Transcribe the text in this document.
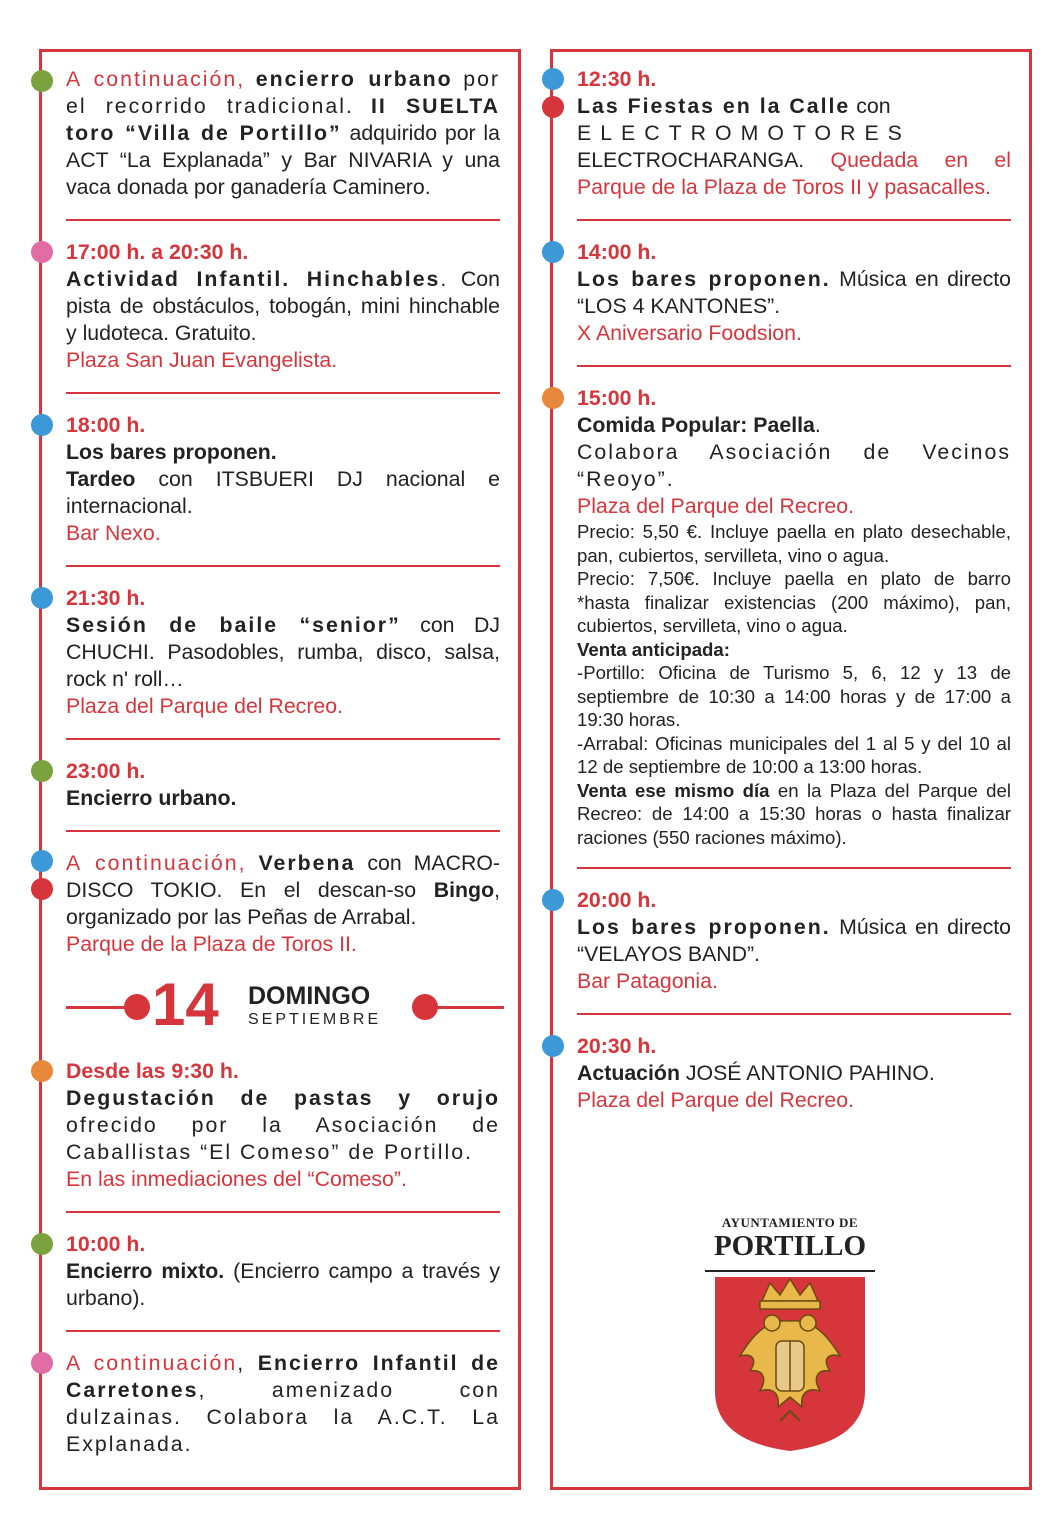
A continuación, encierro urbano por el recorrido tradicional. II SUELTA toro “Villa de Portillo” adquirido por la ACT “La Explanada” y Bar NIVARIA y una vaca donada por ganadería Caminero.
17:00 h. a 20:30 h.
Actividad Infantil. Hinchables. Con pista de obstáculos, tobogán, mini hinchable y ludoteca. Gratuito.
Plaza San Juan Evangelista.
18:00 h.
Los bares proponen.
Tardeo con ITSBUERI DJ nacional e internacional.
Bar Nexo.
21:30 h.
Sesión de baile “senior” con DJ CHUCHI. Pasodobles, rumba, disco, salsa, rock n' roll…
Plaza del Parque del Recreo.
23:00 h.
Encierro urbano.
A continuación, Verbena con MACRO-DISCO TOKIO. En el descan-so Bingo, organizado por las Peñas de Arrabal.
Parque de la Plaza de Toros II.
14 DOMINGO
SEPTIEMBRE
Desde las 9:30 h.
Degustación de pastas y orujo ofrecido por la Asociación de Caballistas “El Comeso” de Portillo.
En las inmediaciones del “Comeso”.
10:00 h.
Encierro mixto. (Encierro campo a través y urbano).
A continuación, Encierro Infantil de Carretones, amenizado con dulzainas. Colabora la A.C.T. La Explanada.
12:30 h.
Las Fiestas en la Calle con
ELECTROMOTORES
ELECTROCHARANGA. Quedada en el Parque de la Plaza de Toros II y pasacalles.
14:00 h.
Los bares proponen. Música en directo “LOS 4 KANTONES”.
X Aniversario Foodsion.
15:00 h.
Comida Popular: Paella.
Colabora Asociación de Vecinos “Reoyo”.
Plaza del Parque del Recreo.
Precio: 5,50 €. Incluye paella en plato desechable, pan, cubiertos, servilleta, vino o agua.
Precio: 7,50€. Incluye paella en plato de barro *hasta finalizar existencias (200 máximo), pan, cubiertos, servilleta, vino o agua.
Venta anticipada:
-Portillo: Oficina de Turismo 5, 6, 12 y 13 de septiembre de 10:30 a 14:00 horas y de 17:00 a 19:30 horas.
-Arrabal: Oficinas municipales del 1 al 5 y del 10 al 12 de septiembre de 10:00 a 13:00 horas.
Venta ese mismo día en la Plaza del Parque del Recreo: de 14:00 a 15:30 horas o hasta finalizar raciones (550 raciones máximo).
20:00 h.
Los bares proponen. Música en directo “VELAYOS BAND”.
Bar Patagonia.
20:30 h.
Actuación JOSÉ ANTONIO PAHINO.
Plaza del Parque del Recreo.
AYUNTAMIENTO DE
PORTILLO
